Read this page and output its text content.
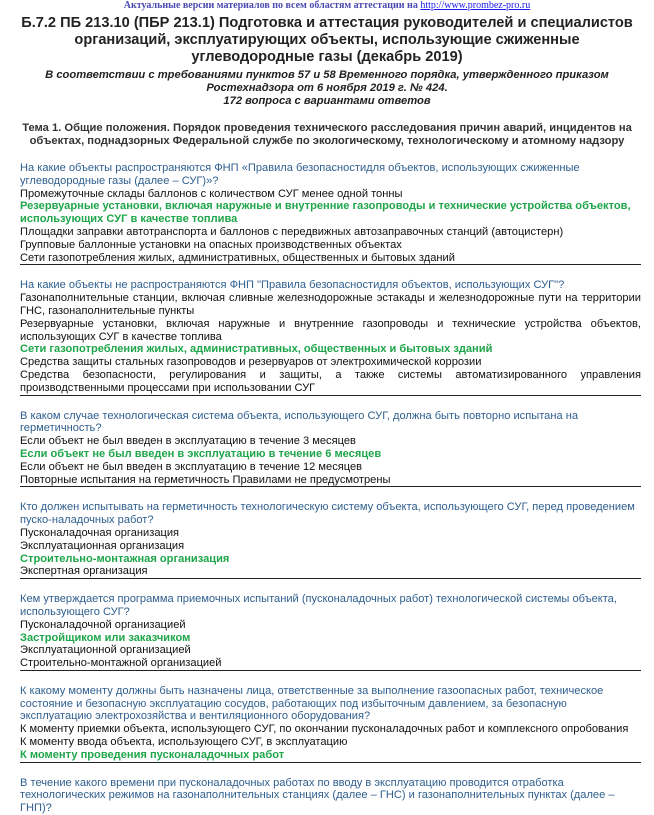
Актуальные версии материалов по всем областям аттестации на http://www.prombez-pro.ru
Б.7.2 ПБ 213.10 (ПБР 213.1) Подготовка и аттестация руководителей и специалистов организаций, эксплуатирующих объекты, использующие сжиженные углеводородные газы (декабрь 2019)
В соответствии с требованиями пунктов 57 и 58 Временного порядка, утвержденного приказом
Ростехнадзора от 6 ноября 2019 г. № 424.
172 вопроса с вариантами ответов
Тема 1. Общие положения. Порядок проведения технического расследования причин аварий, инцидентов на объектах, поднадзорных Федеральной службе по экологическому, технологическому и атомному надзору
На какие объекты распространяются ФНП «Правила безопасностидля объектов, использующих сжиженные углеводородные газы (далее – СУГ)»?
Промежуточные склады баллонов с количеством СУГ менее одной тонны
Резервуарные установки, включая наружные и внутренние газопроводы и технические устройства объектов, использующих СУГ в качестве топлива
Площадки заправки автотранспорта и баллонов с передвижных автозаправочных станций (автоцистерн)
Групповые баллонные установки на опасных производственных объектах
Сети газопотребления жилых, административных, общественных и бытовых зданий
На какие объекты не распространяются ФНП "Правила безопасностидля объектов, использующих СУГ"?
Газонаполнительные станции, включая сливные железнодорожные эстакады и железнодорожные пути на территории ГНС, газонаполнительные пункты
Резервуарные установки, включая наружные и внутренние газопроводы и технические устройства объектов, использующих СУГ в качестве топлива
Сети газопотребления жилых, административных, общественных и бытовых зданий
Средства защиты стальных газопроводов и резервуаров от электрохимической коррозии
Средства безопасности, регулирования и защиты, а также системы автоматизированного управления производственными процессами при использовании СУГ
В каком случае технологическая система объекта, использующего СУГ, должна быть повторно испытана на герметичность?
Если объект не был введен в эксплуатацию в течение 3 месяцев
Если объект не был введен в эксплуатацию в течение 6 месяцев
Если объект не был введен в эксплуатацию в течение 12 месяцев
Повторные испытания на герметичность Правилами не предусмотрены
Кто должен испытывать на герметичность технологическую систему объекта, использующего СУГ, перед проведением пуско-наладочных работ?
Пусконаладочная организация
Эксплуатационная организация
Строительно-монтажная организация
Экспертная организация
Кем утверждается программа приемочных испытаний (пусконаладочных работ) технологической системы объекта, использующего СУГ?
Пусконаладочной организацией
Застройщиком или заказчиком
Эксплуатационной организацией
Строительно-монтажной организацией
К какому моменту должны быть назначены лица, ответственные за выполнение газоопасных работ, техническое состояние и безопасную эксплуатацию сосудов, работающих под избыточным давлением, за безопасную эксплуатацию электрохозяйства и вентиляционного оборудования?
К моменту приемки объекта, использующего СУГ, по окончании пусконаладочных работ и комплексного опробования
К моменту ввода объекта, использующего СУГ, в эксплуатацию
К моменту проведения пусконаладочных работ
В течение какого времени при пусконаладочных работах по вводу в эксплуатацию проводится отработка технологических режимов на газонаполнительных станциях (далее – ГНС) и газонаполнительных пунктах (далее – ГНП)?
